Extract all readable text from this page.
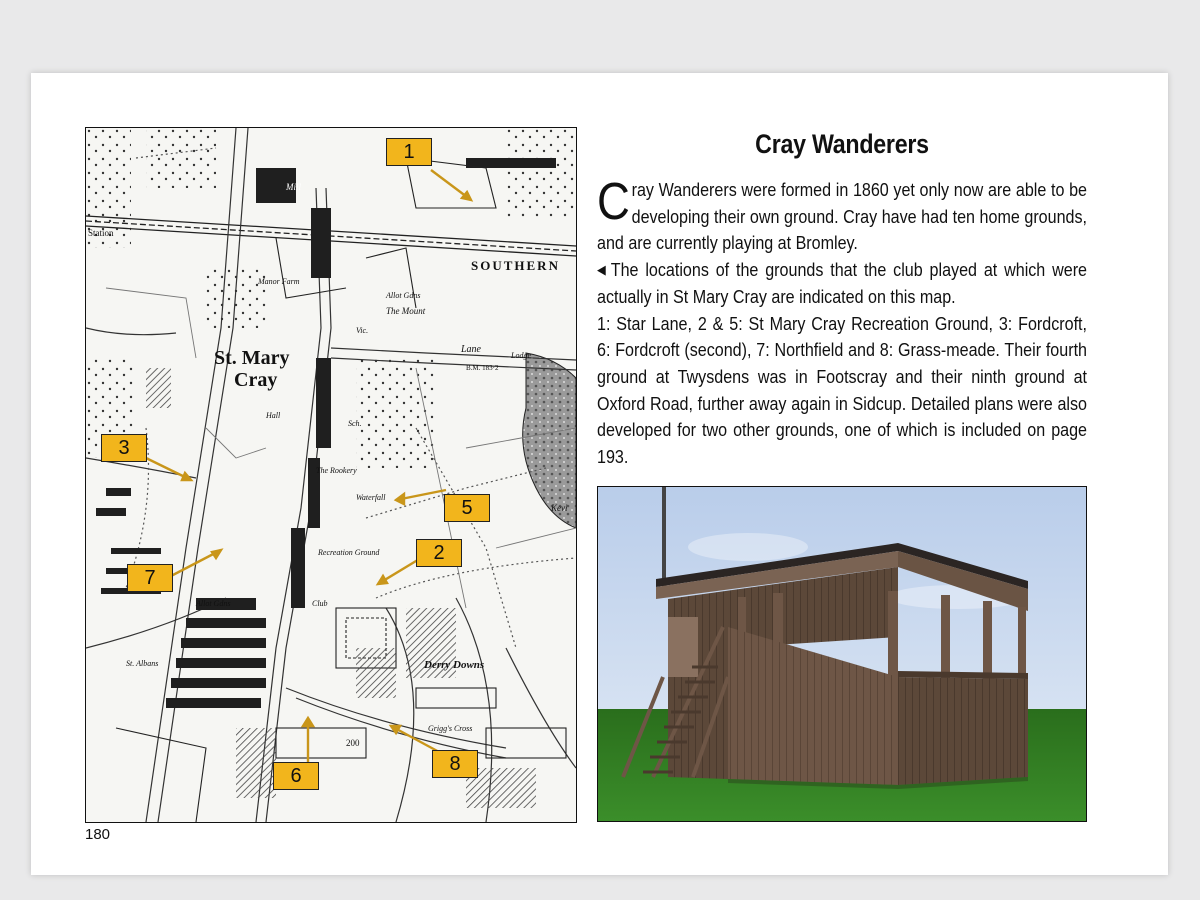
SOUTHERN
St. Mary
Cray
Station
Mill
Manor Farm
Allot Gdns
The Mount
Lane
Lodge
B.M. 183·2
Vic.
Hall
Sch.
The Rookery
Waterfall
Recreation Ground
Club
Allot Gdns
Derry Downs
Grigg's Cross
Kevi
200
St. Albans
1
2
3
5
6
7
8
180
Cray Wanderers

Cray Wanderers were formed in 1860 yet only now are able to be developing their own ground. Cray have had ten home grounds, and are currently playing at Bromley.

◀ The locations of the grounds that the club played at which were actually in St Mary Cray are indicated on this map.

1: Star Lane, 2 & 5: St Mary Cray Recreation Ground, 3: Fordcroft, 6: Fordcroft (second), 7: Northfield and 8: Grass-meade. Their fourth ground at Twysdens was in Footscray and their ninth ground at Oxford Road, further away again in Sidcup. Detailed plans were also developed for two other grounds, one of which is included on page 193.
